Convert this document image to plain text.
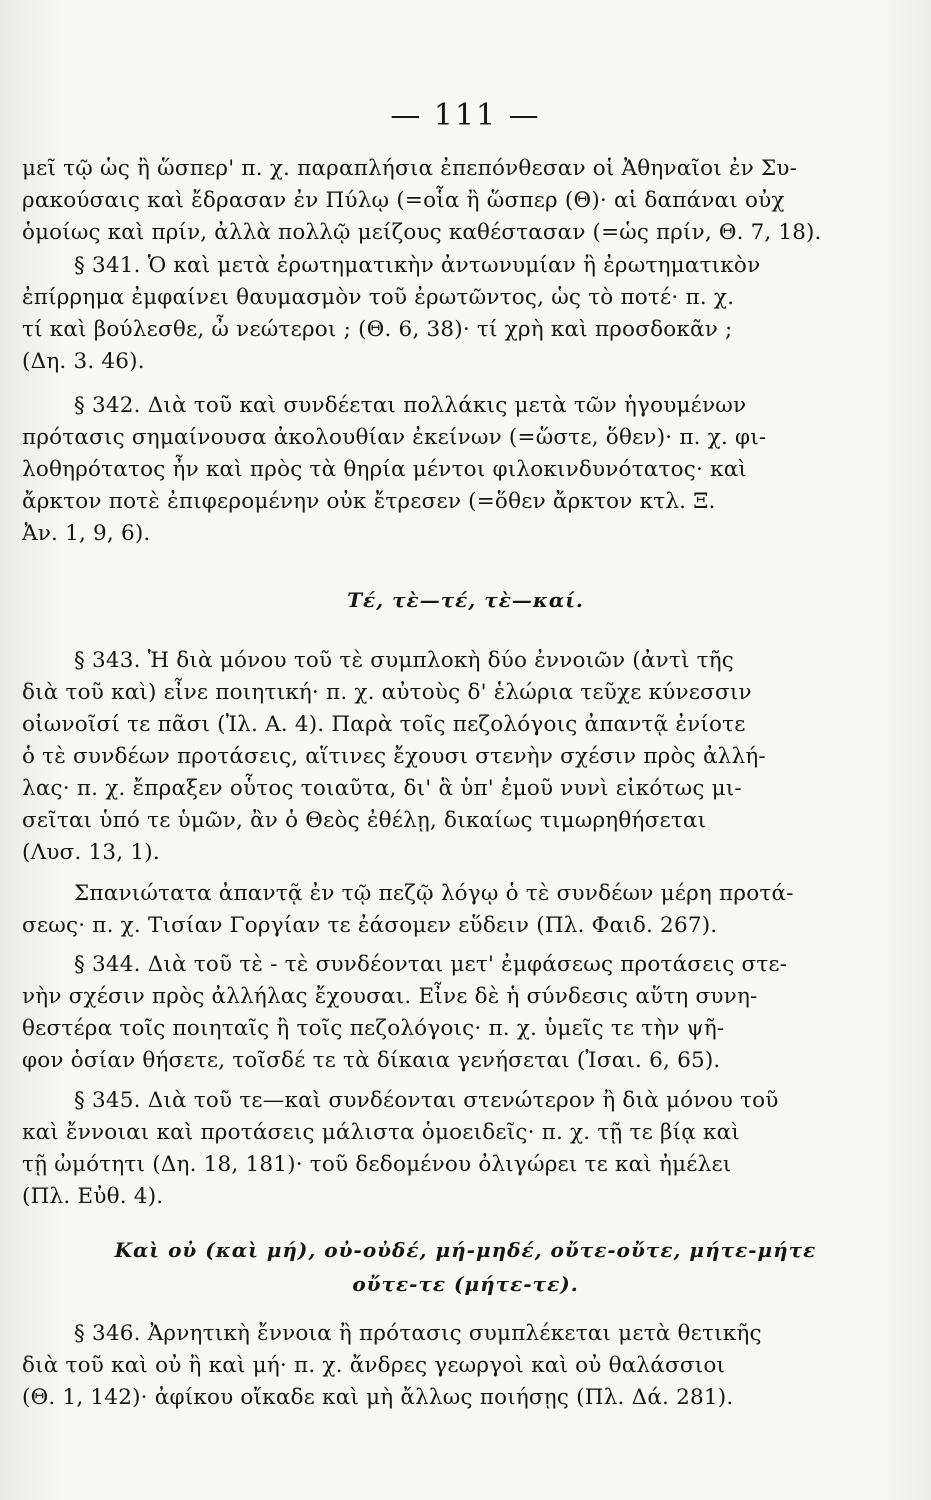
— 111 —
μεῖ τῷ ὡς ἢ ὥσπερ' π. χ. παραπλήσια ἐπεπόνθεσαν οἱ Ἀθηναῖοι ἐν Συ-
ρακούσαις καὶ ἔδρασαν ἐν Πύλῳ (=οἷα ἢ ὥσπερ (Θ)· αἱ δαπάναι οὐχ
ὁμοίως καὶ πρίν, ἀλλὰ πολλῷ μείζους καθέστασαν (=ὡς πρίν, Θ. 7, 18).
§ 341. Ὁ καὶ μετὰ ἐρωτηματικὴν ἀντωνυμίαν ἢ ἐρωτηματικὸν
ἐπίρρημα ἐμφαίνει θαυμασμὸν τοῦ ἐρωτῶντος, ὡς τὸ ποτέ· π. χ.
τί καὶ βούλεσθε, ὦ νεώτεροι ; (Θ. 6, 38)· τί χρὴ καὶ προσδοκᾶν ;
(Δη. 3. 46).
§ 342. Διὰ τοῦ καὶ συνδέεται πολλάκις μετὰ τῶν ἡγουμένων
πρότασις σημαίνουσα ἀκολουθίαν ἐκείνων (=ὥστε, ὅθεν)· π. χ. φι-
λοθηρότατος ἦν καὶ πρὸς τὰ θηρία μέντοι φιλοκινδυνότατος· καὶ
ἄρκτον ποτὲ ἐπιφερομένην οὐκ ἔτρεσεν (=ὅθεν ἄρκτον κτλ. Ξ.
Ἀν. 1, 9, 6).
Τέ, τὲ—τέ, τὲ—καί.
§ 343. Ἡ διὰ μόνου τοῦ τὲ συμπλοκὴ δύο ἐννοιῶν (ἀντὶ τῆς
διὰ τοῦ καὶ) εἶνε ποιητική· π. χ. αὐτοὺς δ' ἑλώρια τεῦχε κύνεσσιν
οἰωνοῖσί τε πᾶσι (Ἰλ. Α. 4). Παρὰ τοῖς πεζολόγοις ἀπαντᾷ ἐνίοτε
ὁ τὲ συνδέων προτάσεις, αἵτινες ἔχουσι στενὴν σχέσιν πρὸς ἀλλή-
λας· π. χ. ἔπραξεν οὗτος τοιαῦτα, δι' ἃ ὑπ' ἐμοῦ νυνὶ εἰκότως μι-
σεῖται ὑπό τε ὑμῶν, ἂν ὁ Θεὸς ἐθέλῃ, δικαίως τιμωρηθήσεται
(Λυσ. 13, 1).
Σπανιώτατα ἀπαντᾷ ἐν τῷ πεζῷ λόγῳ ὁ τὲ συνδέων μέρη προτά-
σεως· π. χ. Τισίαν Γοργίαν τε ἐάσομεν εὕδειν (Πλ. Φαιδ. 267).
§ 344. Διὰ τοῦ τὲ - τὲ συνδέονται μετ' ἐμφάσεως προτάσεις στε-
νὴν σχέσιν πρὸς ἀλλήλας ἔχουσαι. Εἶνε δὲ ἡ σύνδεσις αὕτη συνη-
θεστέρα τοῖς ποιηταῖς ἢ τοῖς πεζολόγοις· π. χ. ὑμεῖς τε τὴν ψῆ-
φον ὁσίαν θήσετε, τοῖσδέ τε τὰ δίκαια γενήσεται (Ἰσαι. 6, 65).
§ 345. Διὰ τοῦ τε—καὶ συνδέονται στενώτερον ἢ διὰ μόνου τοῦ
καὶ ἔννοιαι καὶ προτάσεις μάλιστα ὁμοειδεῖς· π. χ. τῇ τε βίᾳ καὶ
τῇ ὠμότητι (Δη. 18, 181)· τοῦ δεδομένου ὀλιγώρει τε καὶ ἠμέλει
(Πλ. Εὐθ. 4).
Καὶ οὐ (καὶ μή), οὐ-οὐδέ, μή-μηδέ, οὔτε-οὔτε, μήτε-μήτε
οὔτε-τε (μήτε-τε).
§ 346. Ἀρνητικὴ ἔννοια ἢ πρότασις συμπλέκεται μετὰ θετικῆς
διὰ τοῦ καὶ οὐ ἢ καὶ μή· π. χ. ἄνδρες γεωργοὶ καὶ οὐ θαλάσσιοι
(Θ. 1, 142)· ἀφίκου οἴκαδε καὶ μὴ ἄλλως ποιήσῃς (Πλ. Δά. 281).
